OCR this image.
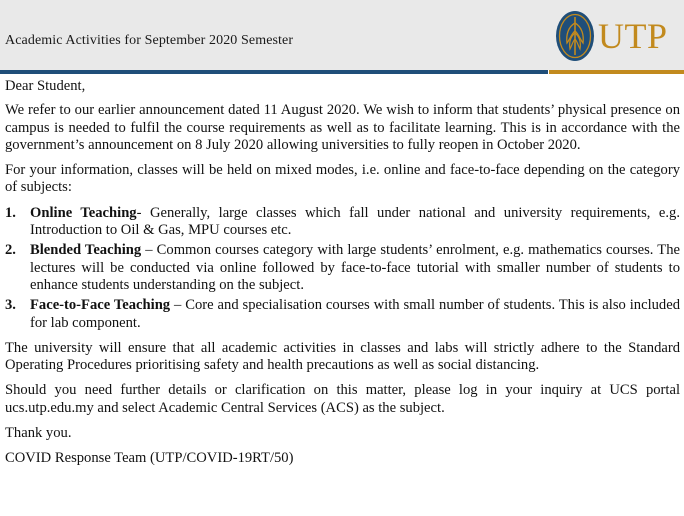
Academic Activities for September 2020 Semester	UTP

Dear Student,

We refer to our earlier announcement dated 11 August 2020. We wish to inform that students’ physical presence on campus is needed to fulfil the course requirements as well as to facilitate learning. This is in accordance with the government’s announcement on 8 July 2020 allowing universities to fully reopen in October 2020.

For your information, classes will be held on mixed modes, i.e. online and face-to-face depending on the category of subjects:

1. Online Teaching- Generally, large classes which fall under national and university requirements, e.g. Introduction to Oil & Gas, MPU courses etc.
2. Blended Teaching – Common courses category with large students’ enrolment, e.g. mathematics courses. The lectures will be conducted via online followed by face-to-face tutorial with smaller number of students to enhance students understanding on the subject.
3. Face-to-Face Teaching – Core and specialisation courses with small number of students. This is also included for lab component.

The university will ensure that all academic activities in classes and labs will strictly adhere to the Standard Operating Procedures prioritising safety and health precautions as well as social distancing.

Should you need further details or clarification on this matter, please log in your inquiry at UCS portal ucs.utp.edu.my and select Academic Central Services (ACS) as the subject.

Thank you.

COVID Response Team (UTP/COVID-19RT/50)
